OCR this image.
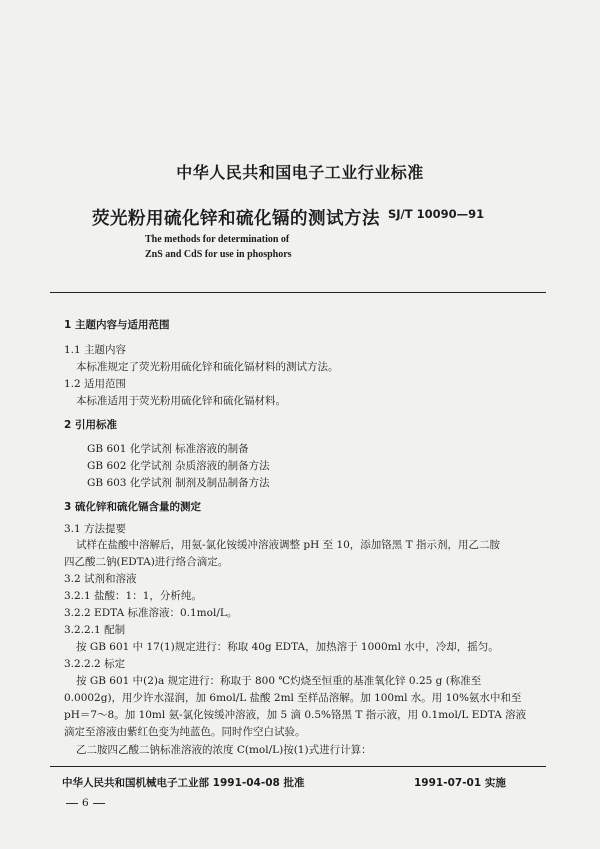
中华人民共和国电子工业行业标准
荧光粉用硫化锌和硫化镉的测试方法 SJ/T 10090—91
The methods for determination of
ZnS and CdS for use in phosphors
1 主题内容与适用范围
1.1 主题内容
本标准规定了荧光粉用硫化锌和硫化镉材料的测试方法。
1.2 适用范围
本标准适用于荧光粉用硫化锌和硫化镉材料。
2 引用标准
GB 601 化学试剂 标准溶液的制备
GB 602 化学试剂 杂质溶液的制备方法
GB 603 化学试剂 制剂及制品制备方法
3 硫化锌和硫化镉含量的测定
3.1 方法提要
试样在盐酸中溶解后，用氨-氯化铵缓冲溶液调整 pH 至 10，添加铬黑 T 指示剂，用乙二胺
四乙酸二钠(EDTA)进行络合滴定。
3.2 试剂和溶液
3.2.1 盐酸：1：1，分析纯。
3.2.2 EDTA 标准溶液：0.1mol/L。
3.2.2.1 配制
按 GB 601 中 17(1)规定进行：称取 40g EDTA，加热溶于 1000ml 水中，冷却，摇匀。
3.2.2.2 标定
按 GB 601 中(2)a 规定进行：称取于 800 ℃灼烧至恒重的基准氧化锌 0.25 g (称准至
0.0002g)，用少许水湿润，加 6mol/L 盐酸 2ml 至样品溶解。加 100ml 水。用 10%氨水中和至
pH＝7～8。加 10ml 氨-氯化铵缓冲溶液，加 5 滴 0.5%铬黑 T 指示液，用 0.1mol/L EDTA 溶液
滴定至溶液由紫红色变为纯蓝色。同时作空白试验。
乙二胺四乙酸二钠标准溶液的浓度 C(mol/L)按(1)式进行计算：
中华人民共和国机械电子工业部 1991-04-08 批准	1991-07-01 实施
6
